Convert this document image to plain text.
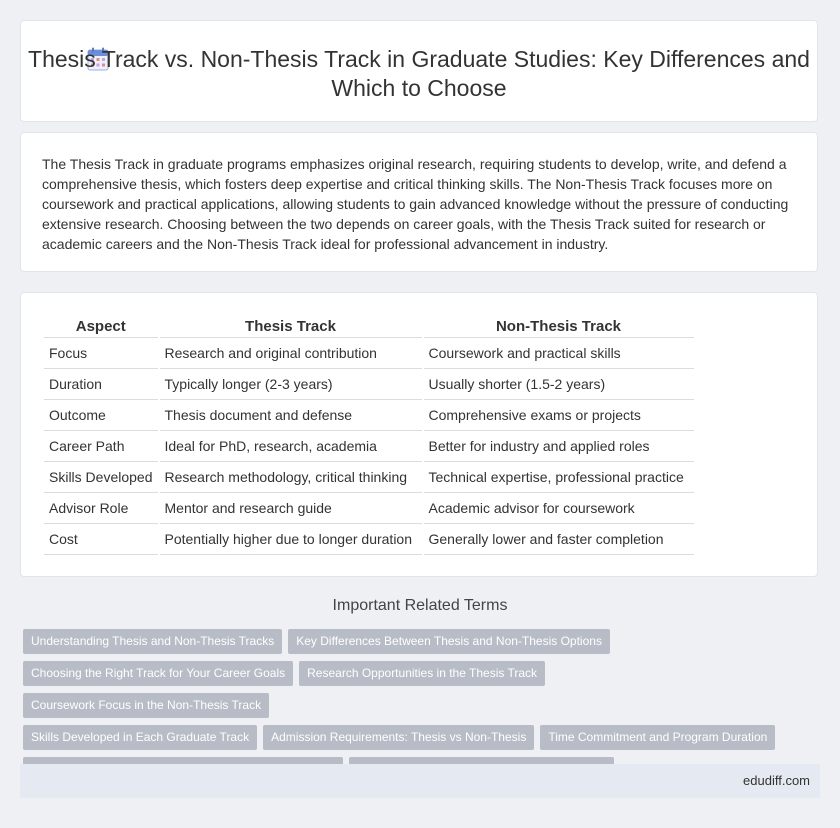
Thesis Track vs. Non-Thesis Track in Graduate Studies: Key Differences and Which to Choose
The Thesis Track in graduate programs emphasizes original research, requiring students to develop, write, and defend a comprehensive thesis, which fosters deep expertise and critical thinking skills. The Non-Thesis Track focuses more on coursework and practical applications, allowing students to gain advanced knowledge without the pressure of conducting extensive research. Choosing between the two depends on career goals, with the Thesis Track suited for research or academic careers and the Non-Thesis Track ideal for professional advancement in industry.
Aspect	Thesis Track	Non-Thesis Track
Focus	Research and original contribution	Coursework and practical skills
Duration	Typically longer (2-3 years)	Usually shorter (1.5-2 years)
Outcome	Thesis document and defense	Comprehensive exams or projects
Career Path	Ideal for PhD, research, academia	Better for industry and applied roles
Skills Developed	Research methodology, critical thinking	Technical expertise, professional practice
Advisor Role	Mentor and research guide	Academic advisor for coursework
Cost	Potentially higher due to longer duration	Generally lower and faster completion
Important Related Terms
Understanding Thesis and Non-Thesis Tracks Key Differences Between Thesis and Non-Thesis Options
Choosing the Right Track for Your Career Goals Research Opportunities in the Thesis TrackCoursework Focus in the Non-Thesis Track
Skills Developed in Each Graduate Track Admission Requirements: Thesis vs Non-Thesis Time Commitment and Program Duration

edudiff.com
